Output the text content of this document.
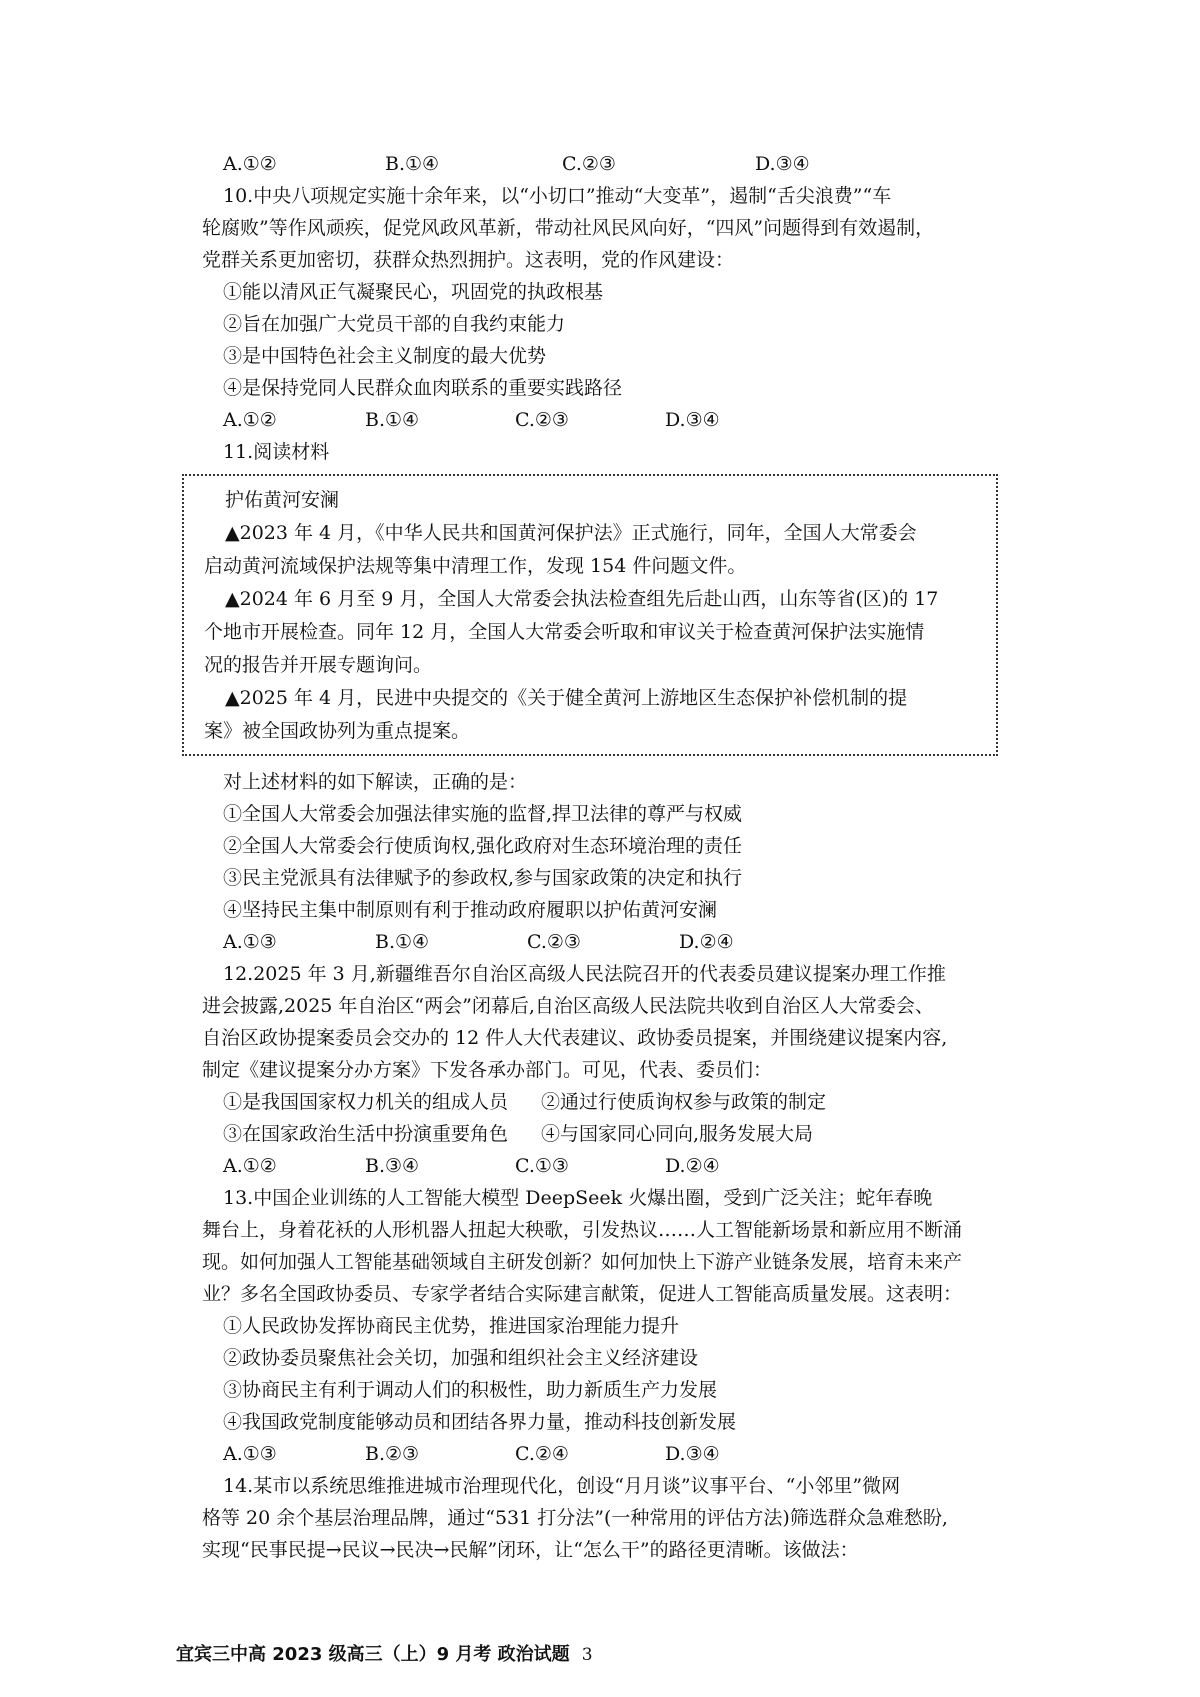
A.①②	B.①④	C.②③	D.③④
10.中央八项规定实施十余年来，以“小切口”推动“大变革”，遏制“舌尖浪费”“车
轮腐败”等作风顽疾，促党风政风革新，带动社风民风向好，“四风”问题得到有效遏制，
党群关系更加密切，获群众热烈拥护。这表明，党的作风建设：
①能以清风正气凝聚民心，巩固党的执政根基
②旨在加强广大党员干部的自我约束能力
③是中国特色社会主义制度的最大优势
④是保持党同人民群众血肉联系的重要实践路径
A.①②	B.①④	C.②③	D.③④
11.阅读材料
护佑黄河安澜
▲2023 年 4 月，《中华人民共和国黄河保护法》正式施行，同年，全国人大常委会
启动黄河流域保护法规等集中清理工作，发现 154 件问题文件。
▲2024 年 6 月至 9 月，全国人大常委会执法检查组先后赴山西，山东等省(区)的 17
个地市开展检查。同年 12 月，全国人大常委会听取和审议关于检查黄河保护法实施情
况的报告并开展专题询问。
▲2025 年 4 月，民进中央提交的《关于健全黄河上游地区生态保护补偿机制的提
案》被全国政协列为重点提案。
对上述材料的如下解读，正确的是：
①全国人大常委会加强法律实施的监督,捍卫法律的尊严与权威
②全国人大常委会行使质询权,强化政府对生态环境治理的责任
③民主党派具有法律赋予的参政权,参与国家政策的决定和执行
④坚持民主集中制原则有利于推动政府履职以护佑黄河安澜
A.①③	B.①④	C.②③	D.②④
12.2025 年 3 月,新疆维吾尔自治区高级人民法院召开的代表委员建议提案办理工作推
进会披露,2025 年自治区“两会”闭幕后,自治区高级人民法院共收到自治区人大常委会、
自治区政协提案委员会交办的 12 件人大代表建议、政协委员提案，并围绕建议提案内容,
制定《建议提案分办方案》下发各承办部门。可见，代表、委员们：
①是我国国家权力机关的组成人员	②通过行使质询权参与政策的制定
③在国家政治生活中扮演重要角色	④与国家同心同向,服务发展大局
A.①②	B.③④	C.①③	D.②④
13.中国企业训练的人工智能大模型 DeepSeek 火爆出圈，受到广泛关注；蛇年春晚
舞台上，身着花袄的人形机器人扭起大秧歌，引发热议……人工智能新场景和新应用不断涌
现。如何加强人工智能基础领域自主研发创新？如何加快上下游产业链条发展，培育未来产
业？多名全国政协委员、专家学者结合实际建言献策，促进人工智能高质量发展。这表明：
①人民政协发挥协商民主优势，推进国家治理能力提升
②政协委员聚焦社会关切，加强和组织社会主义经济建设
③协商民主有利于调动人们的积极性，助力新质生产力发展
④我国政党制度能够动员和团结各界力量，推动科技创新发展
A.①③	B.②③	C.②④	D.③④
14.某市以系统思维推进城市治理现代化，创设“月月谈”议事平台、“小邻里”微网
格等 20 余个基层治理品牌，通过“531 打分法”(一种常用的评估方法)筛选群众急难愁盼,
实现“民事民提→民议→民决→民解”闭环，让“怎么干”的路径更清晰。该做法：
宜宾三中高 2023 级高三（上）9 月考 政治试题 3
